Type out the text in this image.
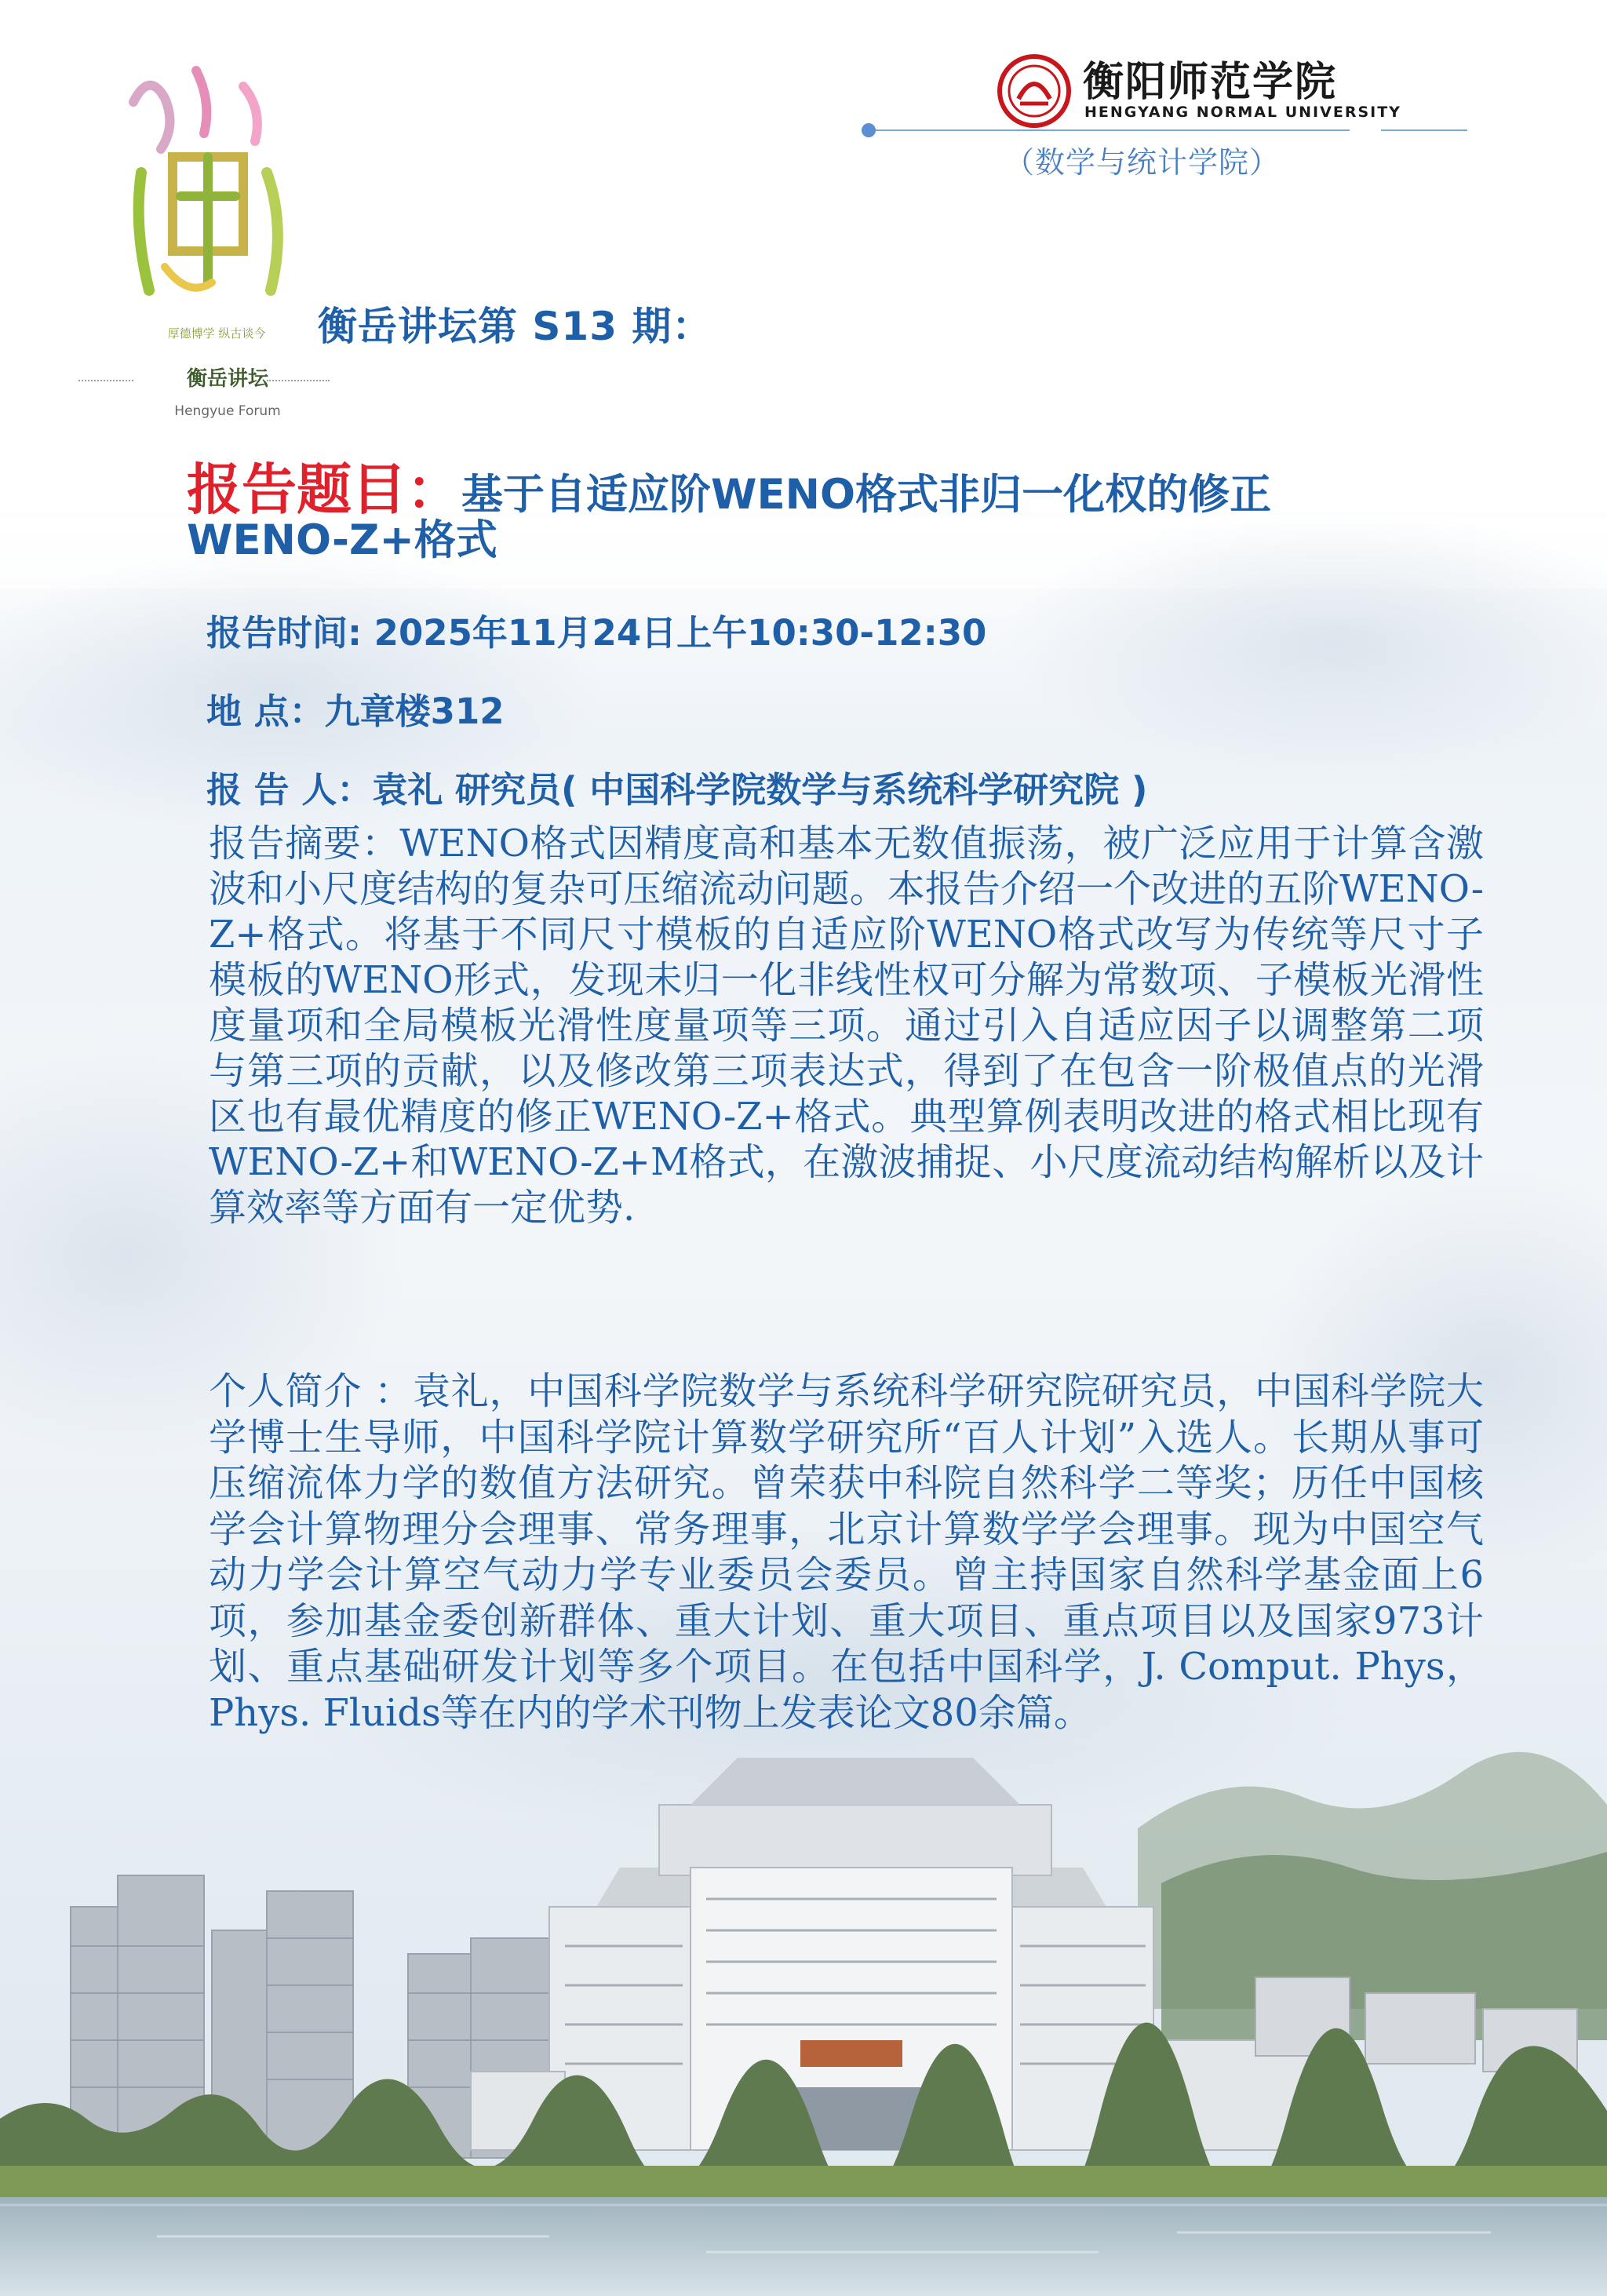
厚德博学 纵古谈今
衡岳讲坛
Hengyue Forum
衡阳师范学院
HENGYANG NORMAL UNIVERSITY
（数学与统计学院）
衡岳讲坛第 S13 期：
报告题目：基于自适应阶WENO格式非归一化权的修正
WENO-Z+格式
报告时间: 2025年11月24日上午10:30-12:30
地 点：九章楼312
报 告 人：袁礼 研究员( 中国科学院数学与系统科学研究院 )
报告摘要：WENO格式因精度高和基本无数值振荡，被广泛应用于计算含激波和小尺度结构的复杂可压缩流动问题。本报告介绍一个改进的五阶WENO-Z+格式。将基于不同尺寸模板的自适应阶WENO格式改写为传统等尺寸子模板的WENO形式，发现未归一化非线性权可分解为常数项、子模板光滑性度量项和全局模板光滑性度量项等三项。通过引入自适应因子以调整第二项与第三项的贡献，以及修改第三项表达式，得到了在包含一阶极值点的光滑区也有最优精度的修正WENO-Z+格式。典型算例表明改进的格式相比现有WENO-Z+和WENO-Z+M格式，在激波捕捉、小尺度流动结构解析以及计算效率等方面有一定优势.
个人简介 ：袁礼，中国科学院数学与系统科学研究院研究员，中国科学院大学博士生导师，中国科学院计算数学研究所“百人计划”入选人。长期从事可压缩流体力学的数值方法研究。曾荣获中科院自然科学二等奖；历任中国核学会计算物理分会理事、常务理事，北京计算数学学会理事。现为中国空气动力学会计算空气动力学专业委员会委员。曾主持国家自然科学基金面上6项，参加基金委创新群体、重大计划、重大项目、重点项目以及国家973计划、重点基础研发计划等多个项目。在包括中国科学，J. Comput. Phys，Phys. Fluids等在内的学术刊物上发表论文80余篇。
